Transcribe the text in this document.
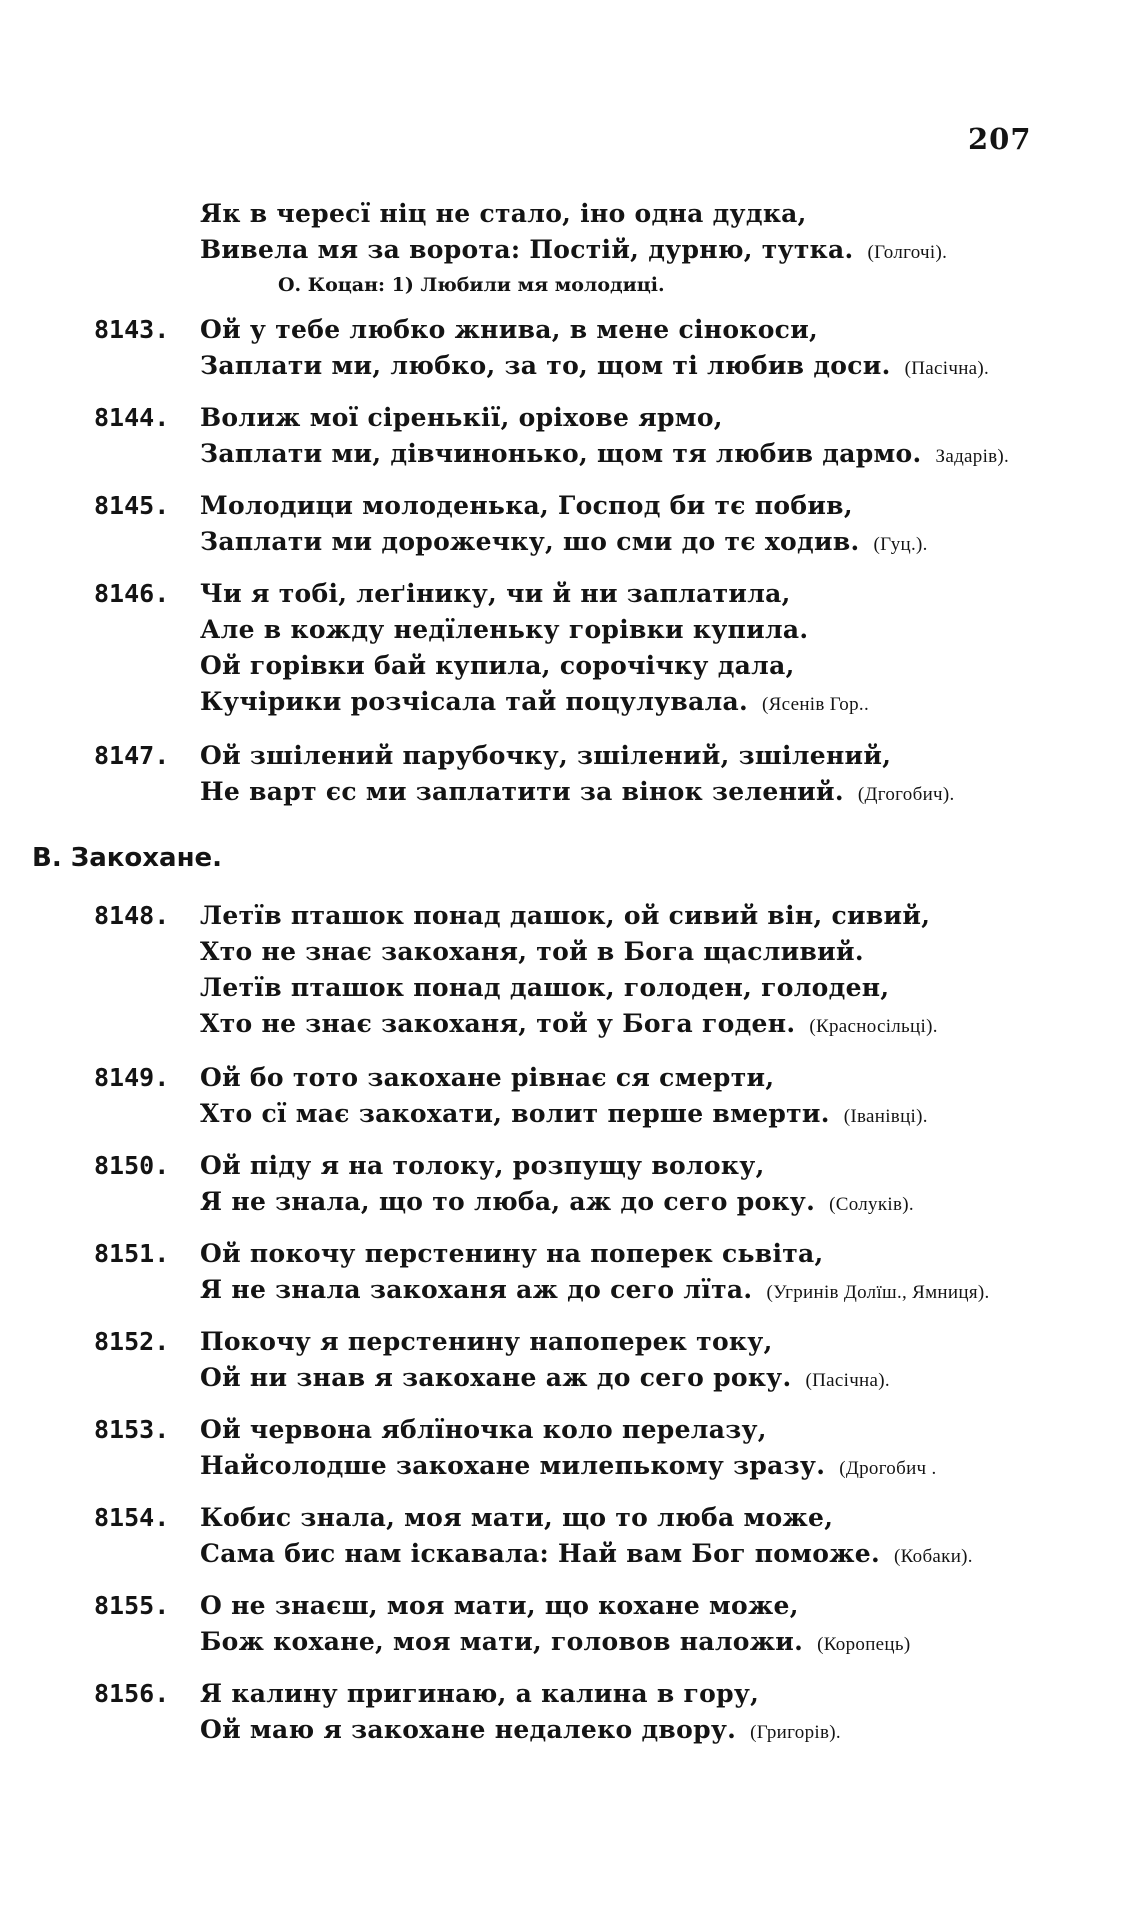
207
Як в чересї ніц не стало, іно одна дудка,
Вивела мя за ворота: Постій, дурню, тутка. (Голгочі).
О. Коцан: 1) Любили мя молодиці.
8143. Ой у тебе любко жнива, в мене сінокоси,
Заплати ми, любко, за то, щом ті любив доси. (Пасічна).
8144. Волиж мої сіренькії, оріхове ярмо,
Заплати ми, дівчинонько, щом тя любив дармо. Задарів).
8145. Молодици молоденька, Господ би тє побив,
Заплати ми дорожечку, шо сми до тє ходив. (Гуц.).
8146. Чи я тобі, леґінику, чи й ни заплатила,
Але в кожду недїленьку горівки купила.
Ой горівки бай купила, сорочічку дала,
Кучірики розчісала тай поцулувала. (Ясенів Гор..
8147. Ой зшілений парубочку, зшілений, зшілений,
Не варт єс ми заплатити за вінок зелений. (Дгогобич).
В. Закохане.
8148. Летїв пташок понад дашок, ой сивий він, сивий,
Хто не знає закоханя, той в Бога щасливий.
Летїв пташок понад дашок, голоден, голоден,
Хто не знає закоханя, той у Бога годен. (Красносільці).
8149. Ой бо тото закохане рівнає ся смерти,
Хто сї має закохати, волит перше вмерти. (Іванівці).
8150. Ой піду я на толоку, розпущу волоку,
Я не знала, що то люба, аж до сего року. (Солуків).
8151. Ой покочу перстенину на поперек сьвіта,
Я не знала закоханя аж до сего лїта. (Угринів Долїш., Ямниця).
8152. Покочу я перстенину напоперек току,
Ой ни знав я закохане аж до сего року. (Пасічна).
8153. Ой червона яблїночка коло перелазу,
Найсолодше закохане милепькому зразу. (Дрогобич .
8154. Кобис знала, моя мати, що то люба може,
Сама бис нам іскавала: Най вам Бог поможе. (Кобаки).
8155. О не знаєш, моя мати, що кохане може,
Бож кохане, моя мати, головов наложи. (Коропець)
8156. Я калину пригинаю, а калина в гору,
Ой маю я закохане недалеко двору. (Григорів).
